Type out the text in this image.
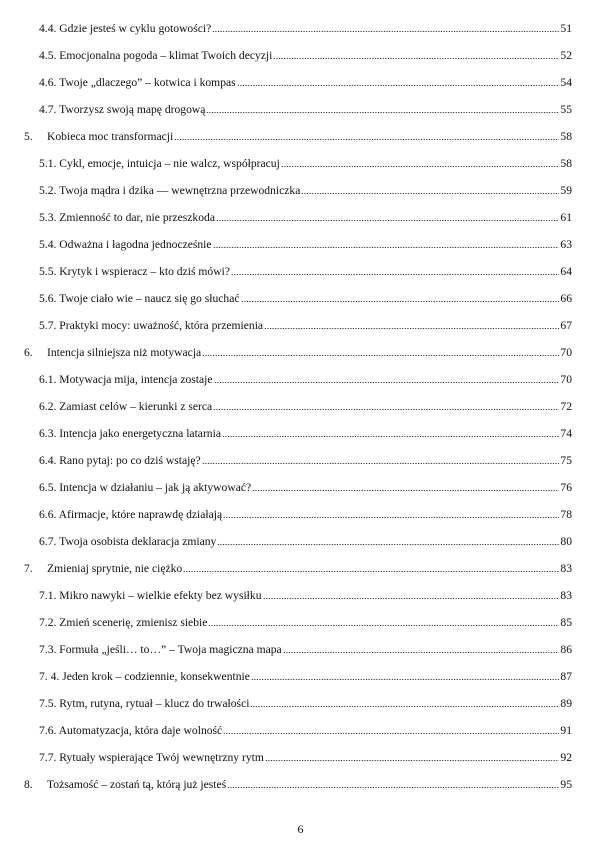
4.4. Gdzie jesteś w cyklu gotowości?	51
4.5. Emocjonalna pogoda – klimat Twoich decyzji	52
4.6. Twoje „dlaczego” – kotwica i kompas	54
4.7. Tworzysz swoją mapę drogową	55
5. Kobieca moc transformacji	58
5.1. Cykl, emocje, intuicja – nie walcz, współpracuj	58
5.2. Twoja mądra i dzika — wewnętrzna przewodniczka	59
5.3. Zmienność to dar, nie przeszkoda	61
5.4. Odważna i łagodna jednocześnie	63
5.5. Krytyk i wspieracz – kto dziś mówi?	64
5.6. Twoje ciało wie – naucz się go słuchać	66
5.7. Praktyki mocy: uważność, która przemienia	67
6. Intencja silniejsza niż motywacja	70
6.1. Motywacja mija, intencja zostaje	70
6.2. Zamiast celów – kierunki z serca	72
6.3. Intencja jako energetyczna latarnia	74
6.4. Rano pytaj: po co dziś wstaję?	75
6.5. Intencja w działaniu – jak ją aktywować?	76
6.6. Afirmacje, które naprawdę działają	78
6.7. Twoja osobista deklaracja zmiany	80
7. Zmieniaj sprytnie, nie ciężko	83
7.1. Mikro nawyki – wielkie efekty bez wysiłku	83
7.2. Zmień scenerię, zmienisz siebie	85
7.3. Formuła „jeśli… to…” – Twoja magiczna mapa	86
7. 4. Jeden krok – codziennie, konsekwentnie	87
7.5. Rytm, rutyna, rytuał – klucz do trwałości	89
7.6. Automatyzacja, która daje wolność	91
7.7. Rytuały wspierające Twój wewnętrzny rytm	92
8. Tożsamość – zostań tą, którą już jesteś	95
6
